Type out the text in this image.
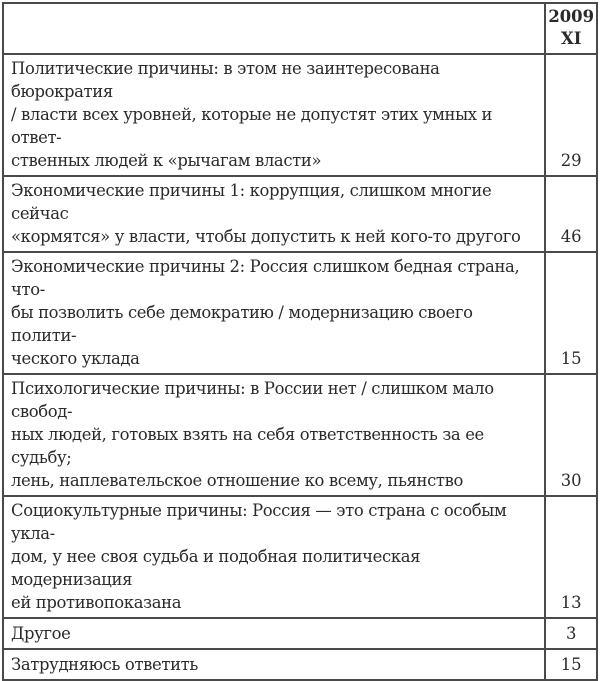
	2009
XI

Политические причины: в этом не заинтересована бюрократия
/ власти всех уровней, которые не допустят этих умных и ответ-
ственных людей к «рычагам власти»	29

Экономические причины 1: коррупция, слишком многие сейчас
«кормятся» у власти, чтобы допустить к ней кого-то другого	46

Экономические причины 2: Россия слишком бедная страна, что-
бы позволить себе демократию / модернизацию своего полити-
ческого уклада	15

Психологические причины: в России нет / слишком мало свобод-
ных людей, готовых взять на себя ответственность за ее судьбу;
лень, наплевательское отношение ко всему, пьянство	30

Социокультурные причины: Россия — это страна с особым укла-
дом, у нее своя судьба и подобная политическая модернизация
ей противопоказана	13

Другое	3

Затрудняюсь ответить	15
